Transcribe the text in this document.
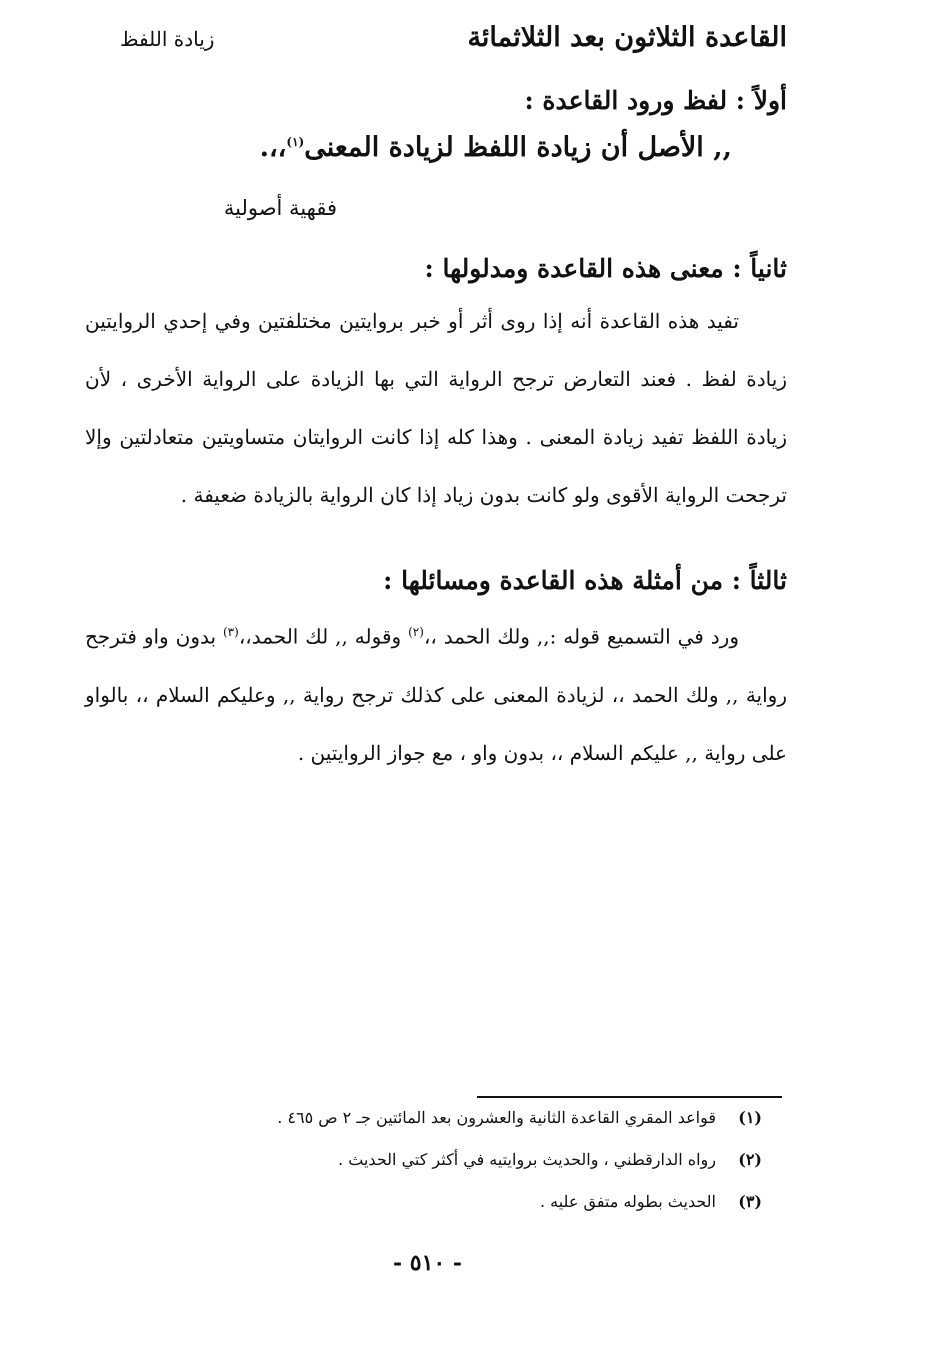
زيادة اللفظ	القاعدة الثلاثون بعد الثلاثمائة
أولاً : لفظ ورود القاعدة :
,, الأصل أن زيادة اللفظ لزيادة المعنى$^{(١)}$،،.
فقهية أصولية
ثانياً : معنى هذه القاعدة ومدلولها :

تفيد هذه القاعدة أنه إذا روى أثر أو خبر بروايتين مختلفتين وفي إحدي الروايتين زيادة لفظ . فعند التعارض ترجح الرواية التي بها الزيادة على الرواية الأخرى ، لأن زيادة اللفظ تفيد زيادة المعنى . وهذا كله إذا كانت الروايتان متساويتين متعادلتين وإلا ترجحت الرواية الأقوى ولو كانت بدون زياد إذا كان الرواية بالزيادة ضعيفة .

ثالثاً : من أمثلة هذه القاعدة ومسائلها :

ورد في التسميع قوله :,, ولك الحمد ،،$^{(٢)}$ وقوله ,, لك الحمد،،$^{(٣)}$ بدون واو فترجح رواية ,, ولك الحمد ،، لزيادة المعنى على كذلك ترجح رواية ,, وعليكم السلام ،، بالواو على رواية ,, عليكم السلام ،، بدون واو ، مع جواز الروايتين .

(١)
قواعد المقري القاعدة الثانية والعشرون بعد المائتين جـ ٢ ص ٤٦٥ .
(٢)
رواه الدارقطني ، والحديث بروايتيه في أكثر كتي الحديث .
(٣)
الحديث بطوله متفق عليه .
- ٥١٠ -
